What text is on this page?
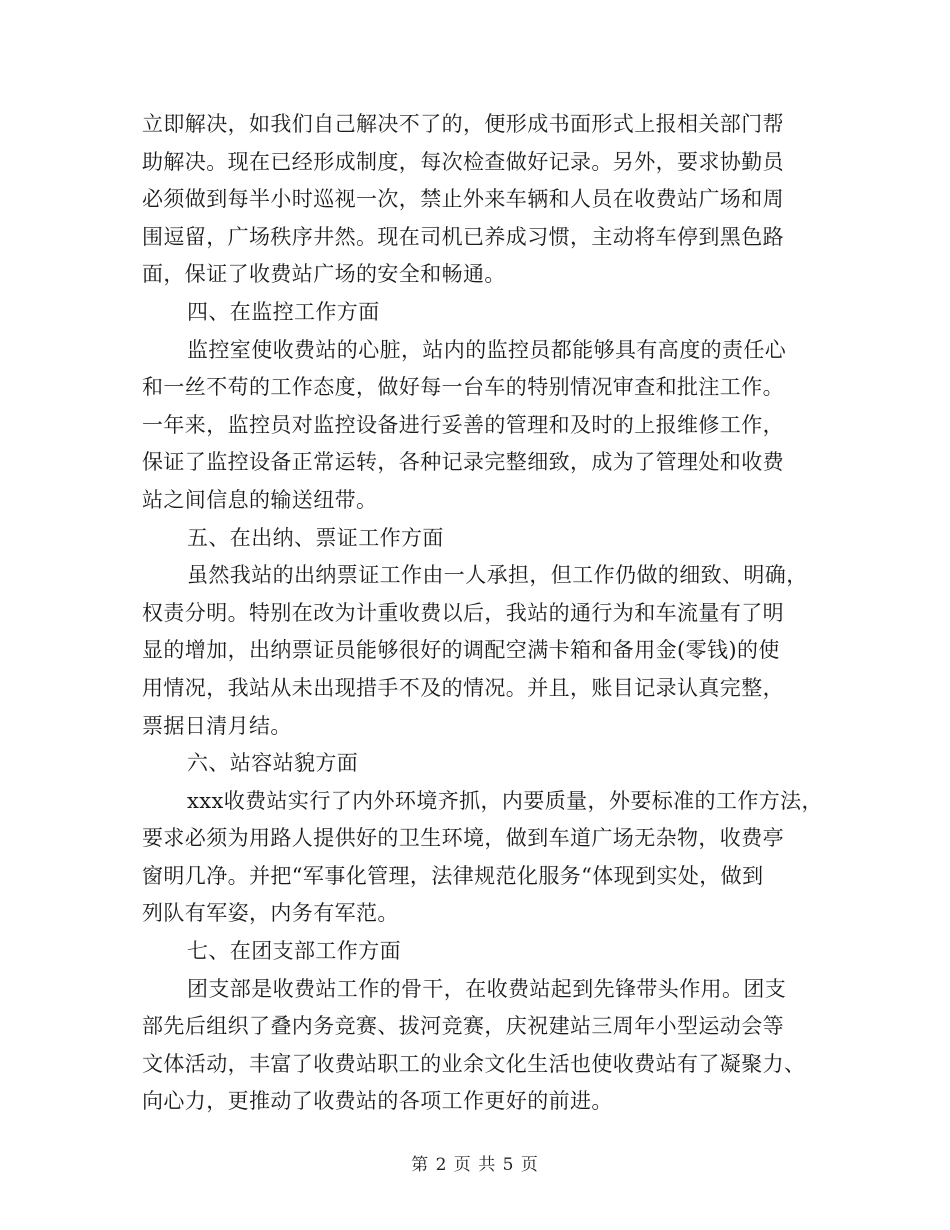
立即解决，如我们自己解决不了的，便形成书面形式上报相关部门帮
助解决。现在已经形成制度，每次检查做好记录。另外，要求协勤员
必须做到每半小时巡视一次，禁止外来车辆和人员在收费站广场和周
围逗留，广场秩序井然。现在司机已养成习惯，主动将车停到黑色路
面，保证了收费站广场的安全和畅通。
四、在监控工作方面
监控室使收费站的心脏，站内的监控员都能够具有高度的责任心
和一丝不苟的工作态度，做好每一台车的特别情况审查和批注工作。
一年来，监控员对监控设备进行妥善的管理和及时的上报维修工作，
保证了监控设备正常运转，各种记录完整细致，成为了管理处和收费
站之间信息的输送纽带。
五、在出纳、票证工作方面
虽然我站的出纳票证工作由一人承担，但工作仍做的细致、明确，
权责分明。特别在改为计重收费以后，我站的通行为和车流量有了明
显的增加，出纳票证员能够很好的调配空满卡箱和备用金(零钱)的使
用情况，我站从未出现措手不及的情况。并且，账目记录认真完整，
票据日清月结。
六、站容站貌方面
xxx收费站实行了内外环境齐抓，内要质量，外要标准的工作方法，
要求必须为用路人提供好的卫生环境，做到车道广场无杂物，收费亭
窗明几净。并把“军事化管理，法律规范化服务“体现到实处，做到
列队有军姿，内务有军范。
七、在团支部工作方面
团支部是收费站工作的骨干，在收费站起到先锋带头作用。团支
部先后组织了叠内务竞赛、拔河竞赛，庆祝建站三周年小型运动会等
文体活动，丰富了收费站职工的业余文化生活也使收费站有了凝聚力、
向心力，更推动了收费站的各项工作更好的前进。
第 2 页 共 5 页
